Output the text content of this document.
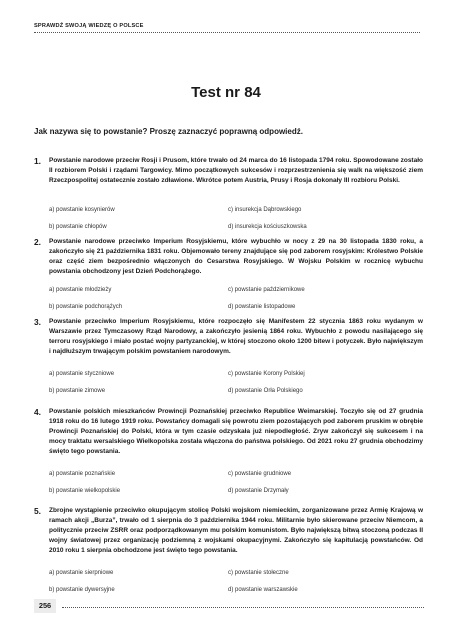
SPRAWDŹ SWOJĄ WIEDZĘ O POLSCE
Test nr 84
Jak nazywa się to powstanie? Proszę zaznaczyć poprawną odpowiedź.
1. Powstanie narodowe przeciw Rosji i Prusom, które trwało od 24 marca do 16 listopada 1794 roku. Spowodowane zostało II rozbiorem Polski i rządami Targowicy. Mimo początkowych sukcesów i rozprzestrzenienia się walk na większość ziem Rzeczpospolitej ostatecznie zostało zdławione. Wkrótce potem Austria, Prusy i Rosja dokonały III rozbioru Polski.
a) powstanie kosynierów
b) powstanie chłopów
c) insurekcja Dąbrowskiego
d) insurekcja kościuszkowska
2. Powstanie narodowe przeciwko Imperium Rosyjskiemu, które wybuchło w nocy z 29 na 30 listopada 1830 roku, a zakończyło się 21 października 1831 roku. Objemowało tereny znajdujące się pod zaborem rosyjskim: Królestwo Polskie oraz część ziem bezpośrednio włączonych do Cesarstwa Rosyjskiego. W Wojsku Polskim w rocznicę wybuchu powstania obchodzony jest Dzień Podchorążego.
a) powstanie młodzieży
b) powstanie podchorążych
c) powstanie październikowe
d) powstanie listopadowe
3. Powstanie przeciwko Imperium Rosyjskiemu, które rozpoczęło się Manifestem 22 stycznia 1863 roku wydanym w Warszawie przez Tymczasowy Rząd Narodowy, a zakończyło jesienią 1864 roku. Wybuchło z powodu nasilającego się terroru rosyjskiego i miało postać wojny partyzanckiej, w której stoczono około 1200 bitew i potyczek. Było największym i najdłuższym trwającym polskim powstaniem narodowym.
a) powstanie styczniowe
b) powstanie zimowe
c) powstanie Korony Polskiej
d) powstanie Orła Polskiego
4. Powstanie polskich mieszkańców Prowincji Poznańskiej przeciwko Republice Weimarskiej. Toczyło się od 27 grudnia 1918 roku do 16 lutego 1919 roku. Powstańcy domagali się powrotu ziem pozostających pod zaborem pruskim w obrębie Prowincji Poznańskiej do Polski, która w tym czasie odzyskała już niepodległość. Zryw zakończył się sukcesem i na mocy traktatu wersalskiego Wielkopolska została włączona do państwa polskiego. Od 2021 roku 27 grudnia obchodzimy święto tego powstania.
a) powstanie poznańskie
b) powstanie wielkopolskie
c) powstanie grudniowe
d) powstanie Drzymały
5. Zbrojne wystąpienie przeciwko okupującym stolicę Polski wojskom niemieckim, zorganizowane przez Armię Krajową w ramach akcji „Burza”, trwało od 1 sierpnia do 3 października 1944 roku. Militarnie było skierowane przeciw Niemcom, a politycznie przeciw ZSRR oraz podporządkowanym mu polskim komunistom. Było największą bitwą stoczoną podczas II wojny światowej przez organizację podziemną z wojskami okupacyjnymi. Zakończyło się kapitulacją powstańców. Od 2010 roku 1 sierpnia obchodzone jest święto tego powstania.
a) powstanie sierpniowe
b) powstanie dywersyjne
c) powstanie stołeczne
d) powstanie warszawskie
256
